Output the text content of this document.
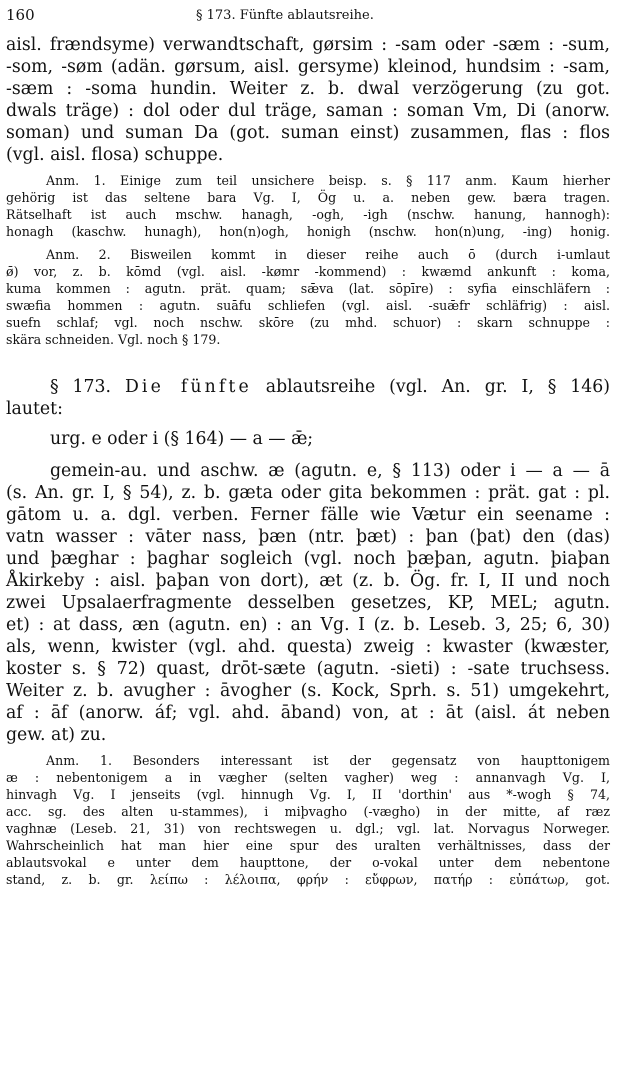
160	§ 173. Fünfte ablautsreihe.
aisl. frændsyme) verwandtschaft, gørsim : -sam oder -sæm : -sum,
-som, -søm (adän. gørsum, aisl. gersyme) kleinod, hundsim : -sam,
-sæm : -soma hundin. Weiter z. b. dwal verzögerung (zu got.
dwals träge) : dol oder dul träge, saman : soman Vm, Di (anorw.
soman) und suman Da (got. suman einst) zusammen, flas : flos
(vgl. aisl. flosa) schuppe.
Anm. 1. Einige zum teil unsichere beisp. s. § 117 anm. Kaum hierher
gehörig ist das seltene bara Vg. I, Ög u. a. neben gew. bæra tragen.
Rätselhaft ist auch mschw. hanagh, -ogh, -igh (nschw. hanung, hannogh):
honagh (kaschw. hunagh), hon(n)ogh, honigh (nschw. hon(n)ung, -ing) honig.
Anm. 2. Bisweilen kommt in dieser reihe auch ō (durch i-umlaut
ø̄) vor, z. b. kōmd (vgl. aisl. -kømr -kommend) : kwæmd ankunft : koma,
kuma kommen : agutn. prät. quam; sǣva (lat. sōpīre) : syfia einschläfern :
swæfia hommen : agutn. suāfu schliefen (vgl. aisl. -suǣfr schläfrig) : aisl.
suefn schlaf; vgl. noch nschw. skōre (zu mhd. schuor) : skarn schnuppe :
skära schneiden. Vgl. noch § 179.
§ 173. Die fünfte ablautsreihe (vgl. An. gr. I, § 146)
lautet:
urg. e oder i (§ 164) — a — ǣ;
gemein-au. und aschw. æ (agutn. e, § 113) oder i — a — ā
(s. An. gr. I, § 54), z. b. gæta oder gita bekommen : prät. gat : pl.
gātom u. a. dgl. verben. Ferner fälle wie Vætur ein seename :
vatn wasser : vāter nass, þæn (ntr. þæt) : þan (þat) den (das)
und þæghar : þaghar sogleich (vgl. noch þæþan, agutn. þiaþan
Åkirkeby : aisl. þaþan von dort), æt (z. b. Ög. fr. I, II und noch
zwei Upsalaerfragmente desselben gesetzes, KP, MEL; agutn.
et) : at dass, æn (agutn. en) : an Vg. I (z. b. Leseb. 3, 25; 6, 30)
als, wenn, kwister (vgl. ahd. questa) zweig : kwaster (kwæster,
koster s. § 72) quast, drōt-sæte (agutn. -sieti) : -sate truchsess.
Weiter z. b. avugher : āvogher (s. Kock, Sprh. s. 51) umgekehrt,
af : āf (anorw. áf; vgl. ahd. āband) von, at : āt (aisl. át neben
gew. at) zu.
Anm. 1. Besonders interessant ist der gegensatz von haupttonigem
æ : nebentonigem a in vægher (selten vagher) weg : annanvagh Vg. I,
hinvagh Vg. I jenseits (vgl. hinnugh Vg. I, II 'dorthin' aus *-wogh § 74,
acc. sg. des alten u-stammes), i miþvagho (-vægho) in der mitte, af ræz
vaghnæ (Leseb. 21, 31) von rechtswegen u. dgl.; vgl. lat. Norvagus Norweger.
Wahrscheinlich hat man hier eine spur des uralten verhältnisses, dass der
ablautsvokal e unter dem haupttone, der o-vokal unter dem nebentone
stand, z. b. gr. λείπω : λέλοιπα, φρήν : εὔφρων, πατήρ : εὐπάτωρ, got.
